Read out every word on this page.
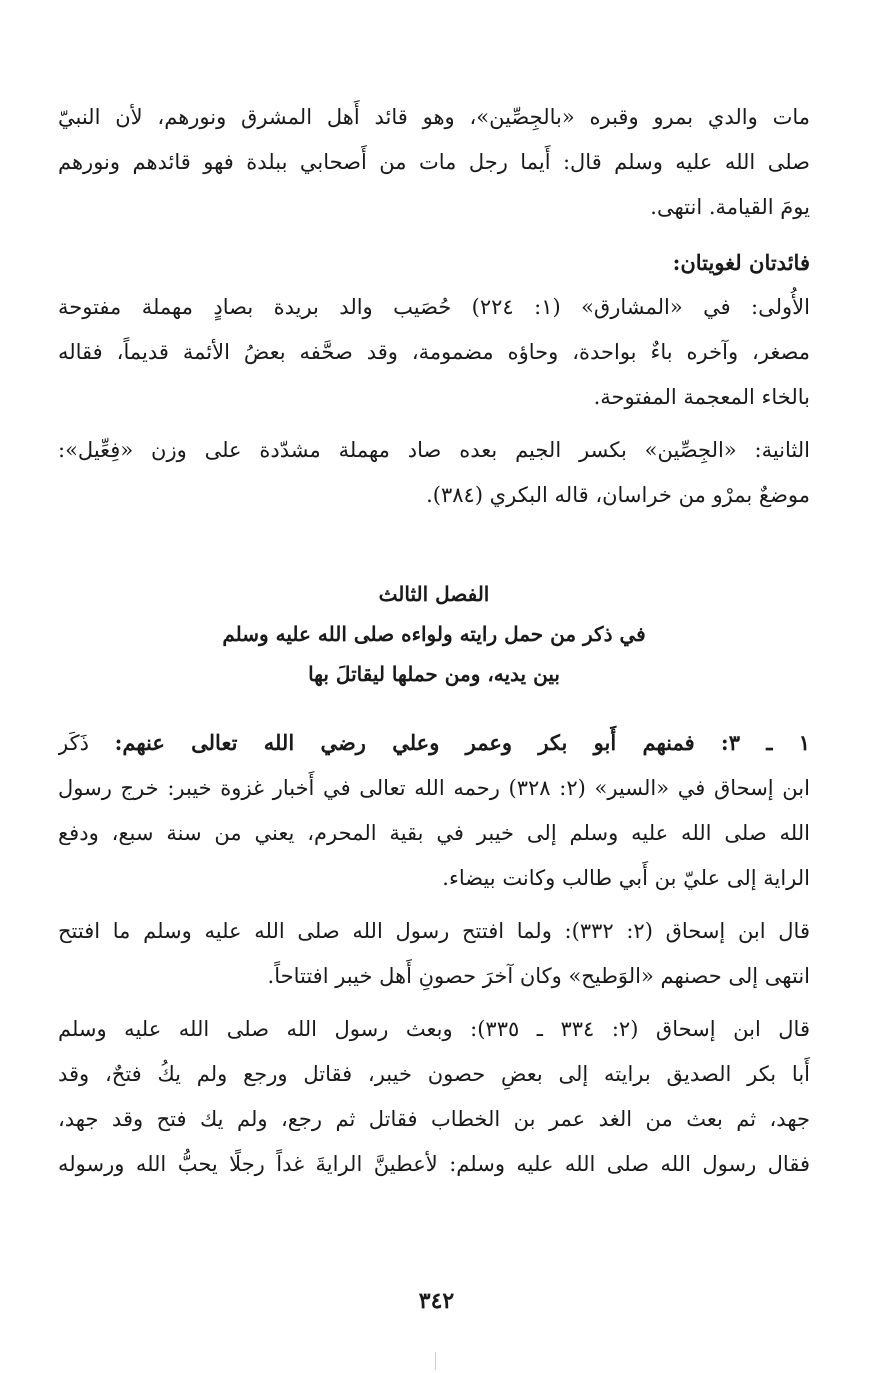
مات والدي بمرو وقبره «بالجِصِّين»، وهو قائد أَهل المشرق ونورهم، لأن النبيّ
صلى الله عليه وسلم قال: أَيما رجل مات من أَصحابي ببلدة فهو قائدهم ونورهم
يومَ القيامة. انتهى.

فائدتان لغويتان:

الأُولى: في «المشارق» (١: ٢٢٤) حُصَيب والد بريدة بصادٍ مهملة مفتوحة
مصغر، وآخره باءٌ بواحدة، وحاؤه مضمومة، وقد صحَّفه بعضُ الأئمة قديماً، فقاله
بالخاء المعجمة المفتوحة.

الثانية: «الجِصِّين» بكسر الجيم بعده صاد مهملة مشدّدة على وزن «فِعِّيل»:
موضعٌ بمرْو من خراسان، قاله البكري (٣٨٤).

الفصل الثالث
في ذكر من حمل رايته ولواءه صلى الله عليه وسلم
بين يديه، ومن حملها ليقاتلَ بها

١ ـ ٣: فمنهم أَبو بكر وعمر وعلي رضي الله تعالى عنهم: ذَكَر
ابن إسحاق في «السير» (٢: ٣٢٨) رحمه الله تعالى في أَخبار غزوة خيبر: خرج رسول
الله صلى الله عليه وسلم إلى خيبر في بقية المحرم، يعني من سنة سبع، ودفع
الراية إلى عليّ بن أَبي طالب وكانت بيضاء.

قال ابن إسحاق (٢: ٣٣٢): ولما افتتح رسول الله صلى الله عليه وسلم ما افتتح
انتهى إلى حصنهم «الوَطيح» وكان آخرَ حصونِ أَهل خيبر افتتاحاً.

قال ابن إسحاق (٢: ٣٣٤ ـ ٣٣٥): وبعث رسول الله صلى الله عليه وسلم
أَبا بكر الصديق برايته إلى بعضِ حصون خيبر، فقاتل ورجع ولم يكُ فتحٌ، وقد
جهد، ثم بعث من الغد عمر بن الخطاب فقاتل ثم رجع، ولم يك فتح وقد جهد،
فقال رسول الله صلى الله عليه وسلم: لأعطينَّ الرايةَ غداً رجلًا يحبُّ الله ورسوله

٣٤٢
